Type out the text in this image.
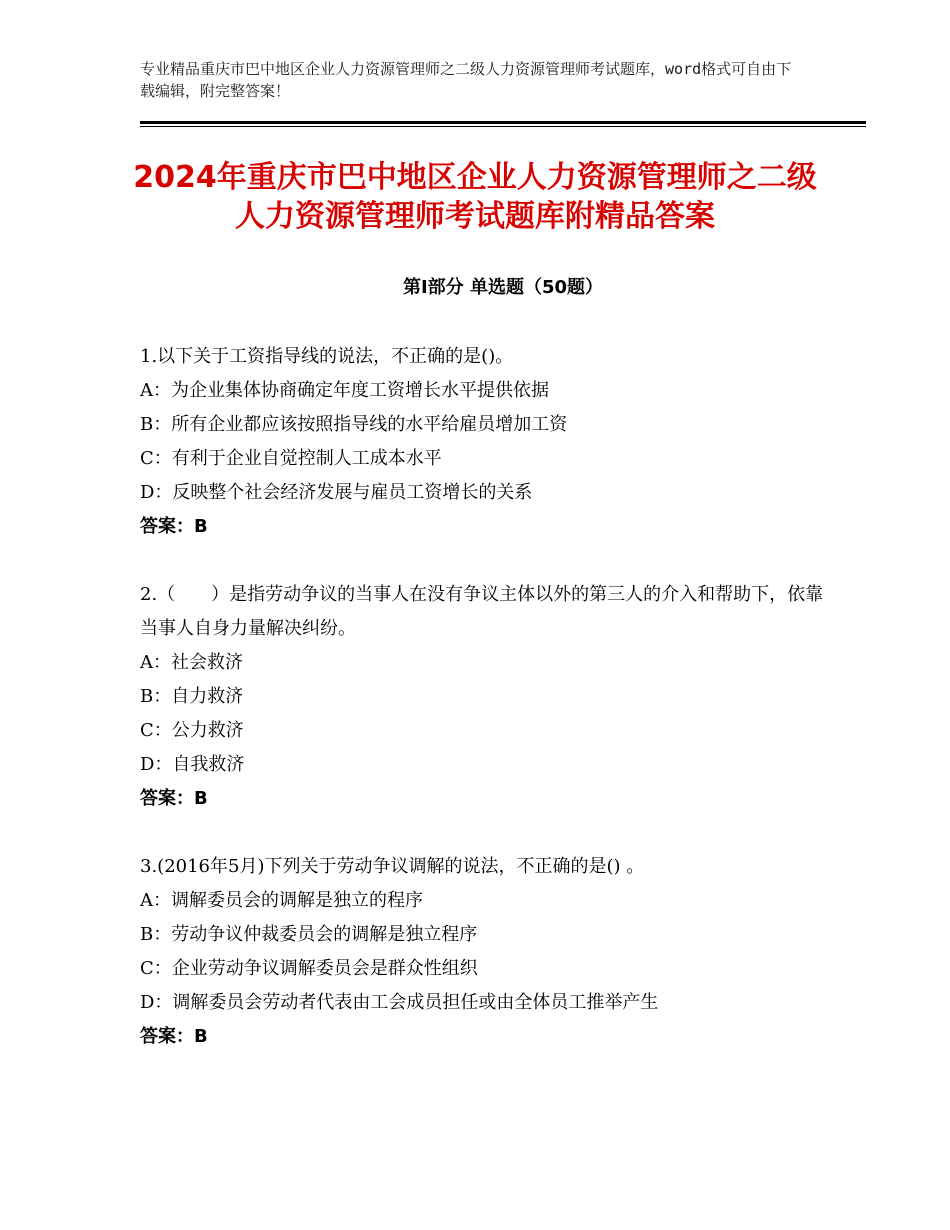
专业精品重庆市巴中地区企业人力资源管理师之二级人力资源管理师考试题库，word格式可自由下载编辑，附完整答案！
2024年重庆市巴中地区企业人力资源管理师之二级人力资源管理师考试题库附精品答案
第Ⅰ部分 单选题（50题）

1.以下关于工资指导线的说法，不正确的是()。

A：为企业集体协商确定年度工资增长水平提供依据

B：所有企业都应该按照指导线的水平给雇员增加工资

C：有利于企业自觉控制人工成本水平

D：反映整个社会经济发展与雇员工资增长的关系

答案：B

2.（　　）是指劳动争议的当事人在没有争议主体以外的第三人的介入和帮助下，依靠当事人自身力量解决纠纷。

A：社会救济

B：自力救济

C：公力救济

D：自我救济

答案：B

3.(2016年5月)下列关于劳动争议调解的说法，不正确的是() 。

A：调解委员会的调解是独立的程序

B：劳动争议仲裁委员会的调解是独立程序

C：企业劳动争议调解委员会是群众性组织

D：调解委员会劳动者代表由工会成员担任或由全体员工推举产生

答案：B
